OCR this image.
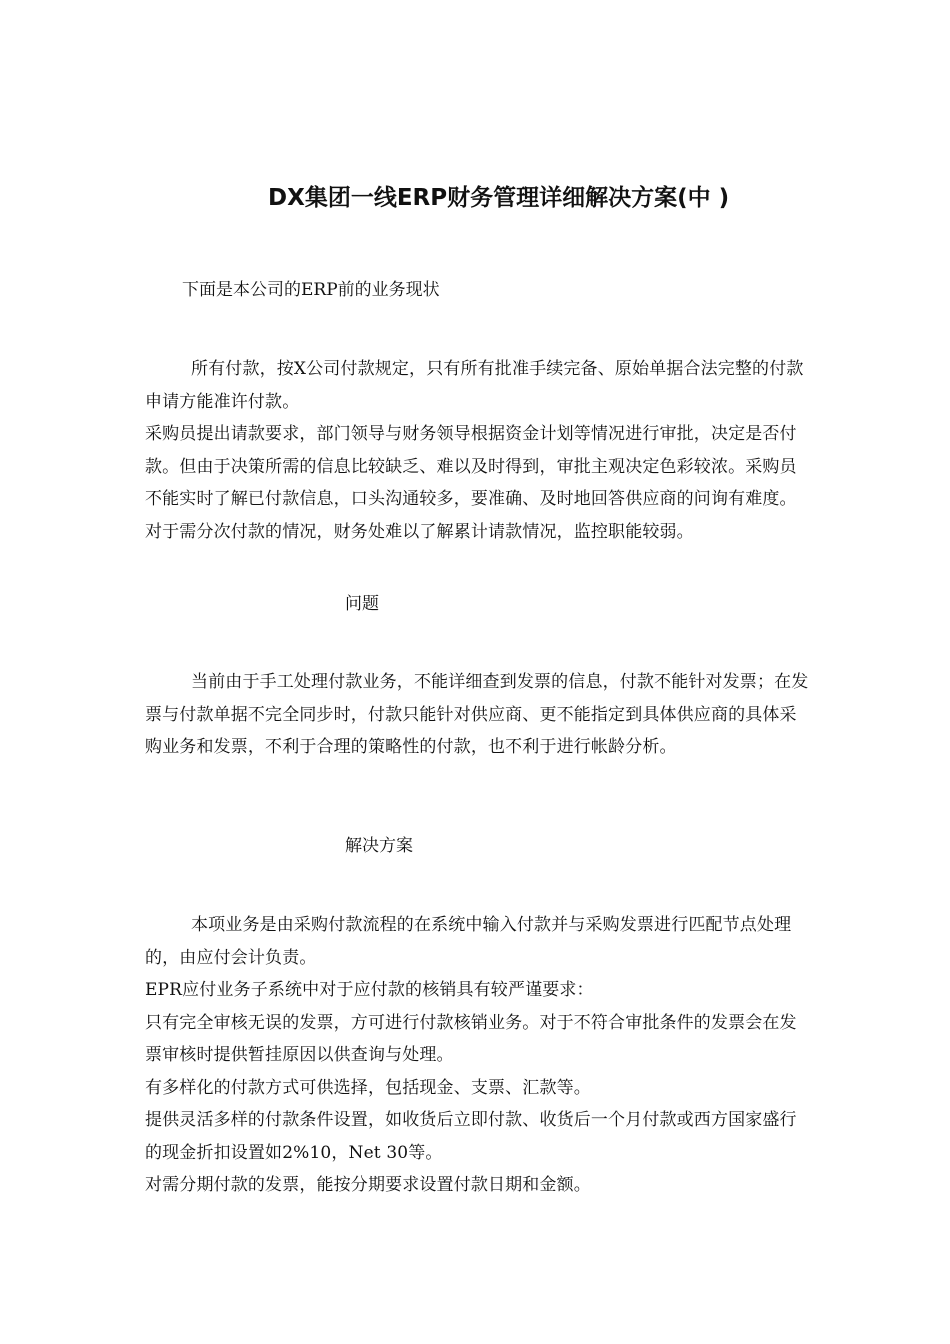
DX集团一线ERP财务管理详细解决方案(中 )
下面是本公司的ERP前的业务现状

所有付款，按X公司付款规定，只有所有批准手续完备、原始单据合法完整的付款申请方能准许付款。

采购员提出请款要求，部门领导与财务领导根据资金计划等情况进行审批，决定是否付款。但由于决策所需的信息比较缺乏、难以及时得到，审批主观决定色彩较浓。采购员不能实时了解已付款信息，口头沟通较多，要准确、及时地回答供应商的问询有难度。对于需分次付款的情况，财务处难以了解累计请款情况，监控职能较弱。

问题

当前由于手工处理付款业务，不能详细查到发票的信息，付款不能针对发票；在发票与付款单据不完全同步时，付款只能针对供应商、更不能指定到具体供应商的具体采购业务和发票，不利于合理的策略性的付款，也不利于进行帐龄分析。

解决方案

本项业务是由采购付款流程的在系统中输入付款并与采购发票进行匹配节点处理的，由应付会计负责。

EPR应付业务子系统中对于应付款的核销具有较严谨要求：

只有完全审核无误的发票，方可进行付款核销业务。对于不符合审批条件的发票会在发票审核时提供暂挂原因以供查询与处理。

有多样化的付款方式可供选择，包括现金、支票、汇款等。

提供灵活多样的付款条件设置，如收货后立即付款、收货后一个月付款或西方国家盛行的现金折扣设置如2%10，Net 30等。

对需分期付款的发票，能按分期要求设置付款日期和金额。
